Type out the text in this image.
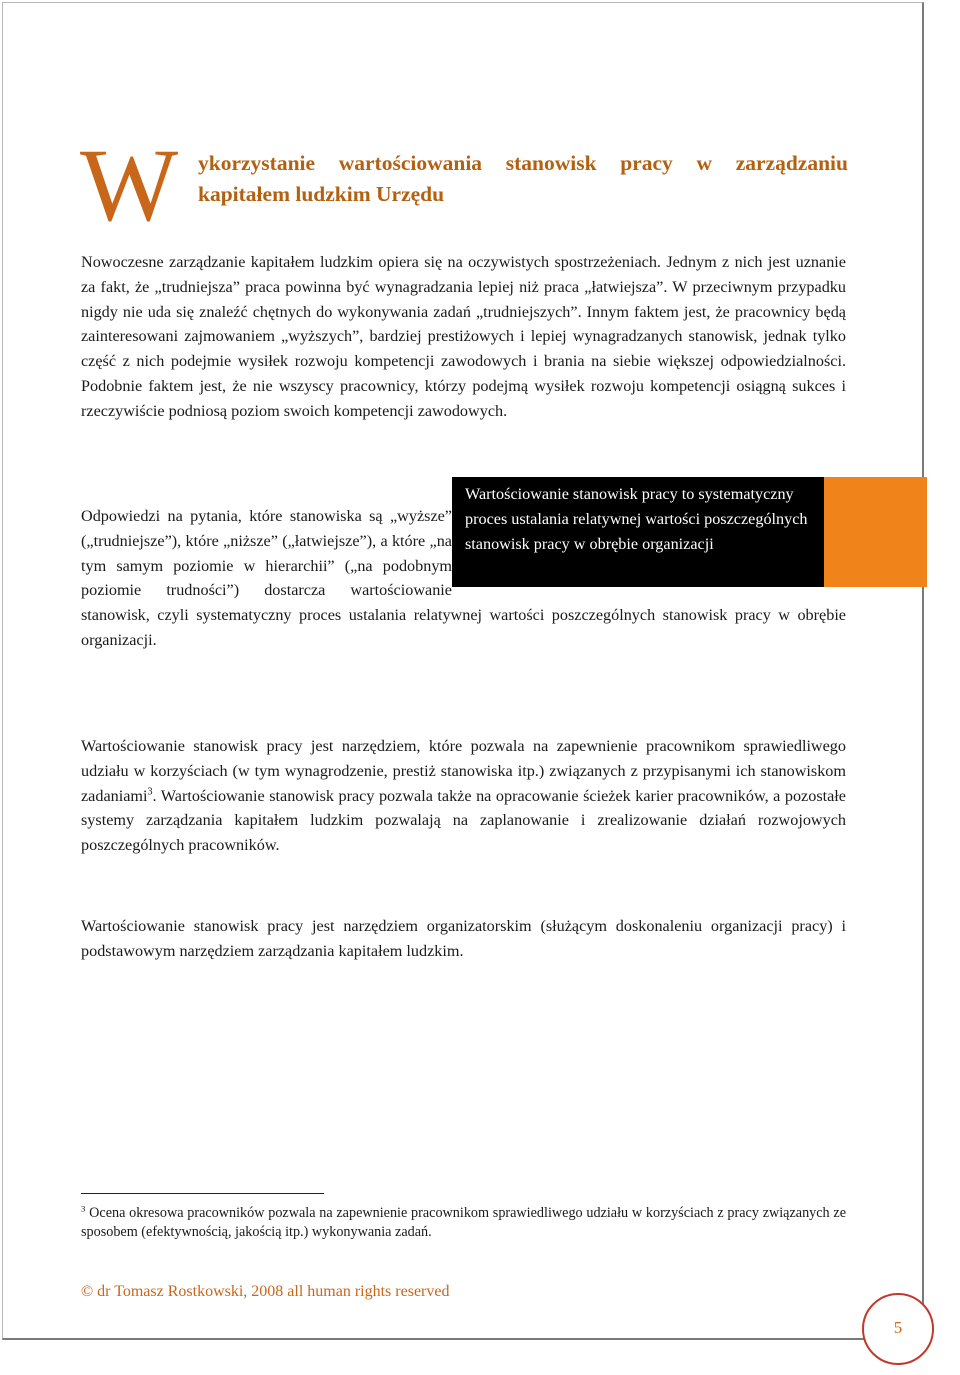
W ykorzystanie wartościowania stanowisk pracy w zarządzaniu kapitałem ludzkim Urzędu

Nowoczesne zarządzanie kapitałem ludzkim opiera się na oczywistych spostrzeżeniach. Jednym z nich jest uznanie za fakt, że „trudniejsza” praca powinna być wynagradzania lepiej niż praca „łatwiejsza”. W przeciwnym przypadku nigdy nie uda się znaleźć chętnych do wykonywania zadań „trudniejszych”. Innym faktem jest, że pracownicy będą zainteresowani zajmowaniem „wyższych”, bardziej prestiżowych i lepiej wynagradzanych stanowisk, jednak tylko część z nich podejmie wysiłek rozwoju kompetencji zawodowych i brania na siebie większej odpowiedzialności. Podobnie faktem jest, że nie wszyscy pracownicy, którzy podejmą wysiłek rozwoju kompetencji osiągną sukces i rzeczywiście podniosą poziom swoich kompetencji zawodowych.

Wartościowanie stanowisk pracy to systematyczny proces ustalania relatywnej wartości poszczególnych stanowisk pracy w obrębie organizacji

Odpowiedzi na pytania, które stanowiska są „wyższe” („trudniejsze”), które „niższe” („łatwiejsze”), a które „na tym samym poziomie w hierarchii” („na podobnym poziomie trudności”) dostarcza wartościowanie stanowisk, czyli systematyczny proces ustalania relatywnej wartości poszczególnych stanowisk pracy w obrębie organizacji.

Wartościowanie stanowisk pracy jest narzędziem, które pozwala na zapewnienie pracownikom sprawiedliwego udziału w korzyściach (w tym wynagrodzenie, prestiż stanowiska itp.) związanych z przypisanymi ich stanowiskom zadaniami$^3$. Wartościowanie stanowisk pracy pozwala także na opracowanie ścieżek karier pracowników, a pozostałe systemy zarządzania kapitałem ludzkim pozwalają na zaplanowanie i zrealizowanie działań rozwojowych poszczególnych pracowników.

Wartościowanie stanowisk pracy jest narzędziem organizatorskim (służącym doskonaleniu organizacji pracy) i podstawowym narzędziem zarządzania kapitałem ludzkim.

$^3$ Ocena okresowa pracowników pozwala na zapewnienie pracownikom sprawiedliwego udziału w korzyściach z pracy związanych ze sposobem (efektywnością, jakością itp.) wykonywania zadań.
© dr Tomasz Rostkowski, 2008 all human rights reserved
5
